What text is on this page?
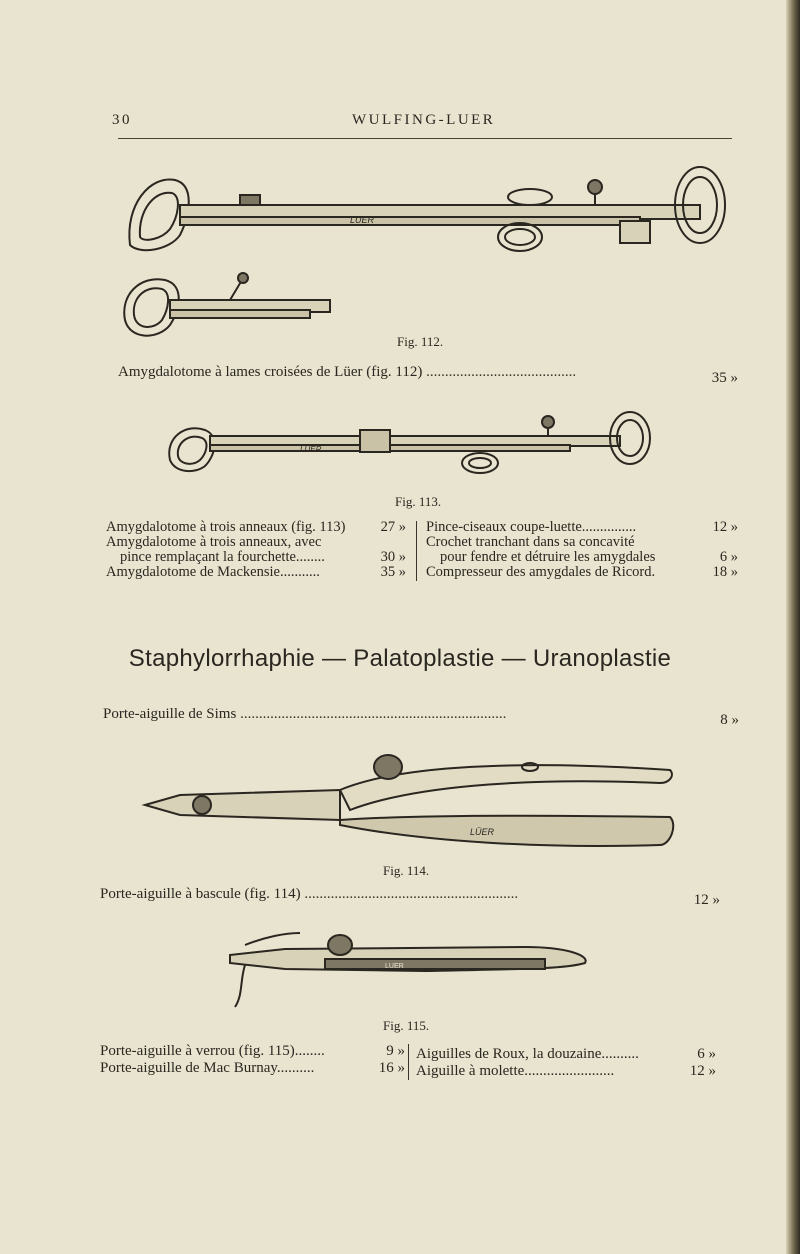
30	WULFING-LUER
LUER
Fig. 112.
Amygdalotome à lames croisées de Lüer (fig. 112) ........................................	35 »
LUER
Fig. 113.
Amygdalotome à trois anneaux (fig. 113) 27 »
Amygdalotome à trois anneaux, avec
pince remplaçant la fourchette........	30 »
Amygdalotome de Mackensie...........	35 »
Pince-ciseaux coupe-luette...............	12 »
Crochet tranchant dans sa concavité
pour fendre et détruire les amygdales	6 »
Compresseur des amygdales de Ricord.	18 »
Staphylorrhaphie — Palatoplastie — Uranoplastie
Porte-aiguille de Sims .......................................................................	8 »
LÜER
Fig. 114.
Porte-aiguille à bascule (fig. 114) .........................................................	12 »
LUER
Fig. 115.
Porte-aiguille à verrou (fig. 115)........	9 »
Porte-aiguille de Mac Burnay..........	16 »
Aiguilles de Roux, la douzaine..........	6 »
Aiguille à molette........................	12 »
